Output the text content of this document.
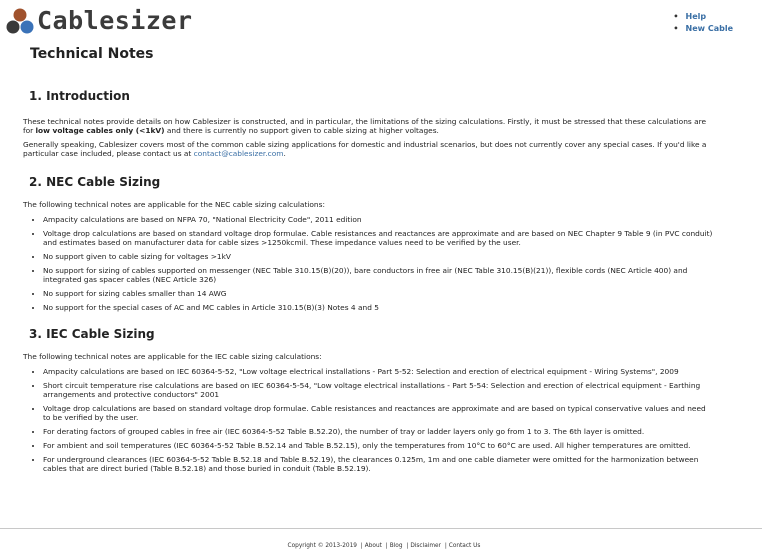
Cablesizer
•	Help
• New Cable
Technical Notes
1. Introduction

These technical notes provide details on how Cablesizer is constructed, and in particular, the limitations of the sizing calculations. Firstly, it must be stressed that these calculations are for low voltage cables only (<1kV) and there is currently no support given to cable sizing at higher voltages.

Generally speaking, Cablesizer covers most of the common cable sizing applications for domestic and industrial scenarios, but does not currently cover any special cases. If you'd like a particular case included, please contact us at contact@cablesizer.com.

2. NEC Cable Sizing

The following technical notes are applicable for the NEC cable sizing calculations:

• Ampacity calculations are based on NFPA 70, "National Electricity Code", 2011 edition
• Voltage drop calculations are based on standard voltage drop formulae. Cable resistances and reactances are approximate and are based on NEC Chapter 9 Table 9 (in PVC conduit) and estimates based on manufacturer data for cable sizes >1250kcmil. These impedance values need to be verified by the user.
• No support given to cable sizing for voltages >1kV
• No support for sizing of cables supported on messenger (NEC Table 310.15(B)(20)), bare conductors in free air (NEC Table 310.15(B)(21)), flexible cords (NEC Article 400) and integrated gas spacer cables (NEC Article 326)
• No support for sizing cables smaller than 14 AWG
• No support for the special cases of AC and MC cables in Article 310.15(B)(3) Notes 4 and 5
3. IEC Cable Sizing

The following technical notes are applicable for the IEC cable sizing calculations:

• Ampacity calculations are based on IEC 60364-5-52, "Low voltage electrical installations - Part 5-52: Selection and erection of electrical equipment - Wiring Systems", 2009
• Short circuit temperature rise calculations are based on IEC 60364-5-54, "Low voltage electrical installations - Part 5-54: Selection and erection of electrical equipment - Earthing arrangements and protective conductors" 2001
• Voltage drop calculations are based on standard voltage drop formulae. Cable resistances and reactances are approximate and are based on typical conservative values and need to be verified by the user.
• For derating factors of grouped cables in free air (IEC 60364-5-52 Table B.52.20), the number of tray or ladder layers only go from 1 to 3. The 6th layer is omitted.
• For ambient and soil temperatures (IEC 60364-5-52 Table B.52.14 and Table B.52.15), only the temperatures from 10°C to 60°C are used. All higher temperatures are omitted.
• For underground clearances (IEC 60364-5-52 Table B.52.18 and Table B.52.19), the clearances 0.125m, 1m and one cable diameter were omitted for the harmonization between cables that are direct buried (Table B.52.18) and those buried in conduit (Table B.52.19).
Copyright © 2013-2019 | About | Blog | Disclaimer | Contact Us
